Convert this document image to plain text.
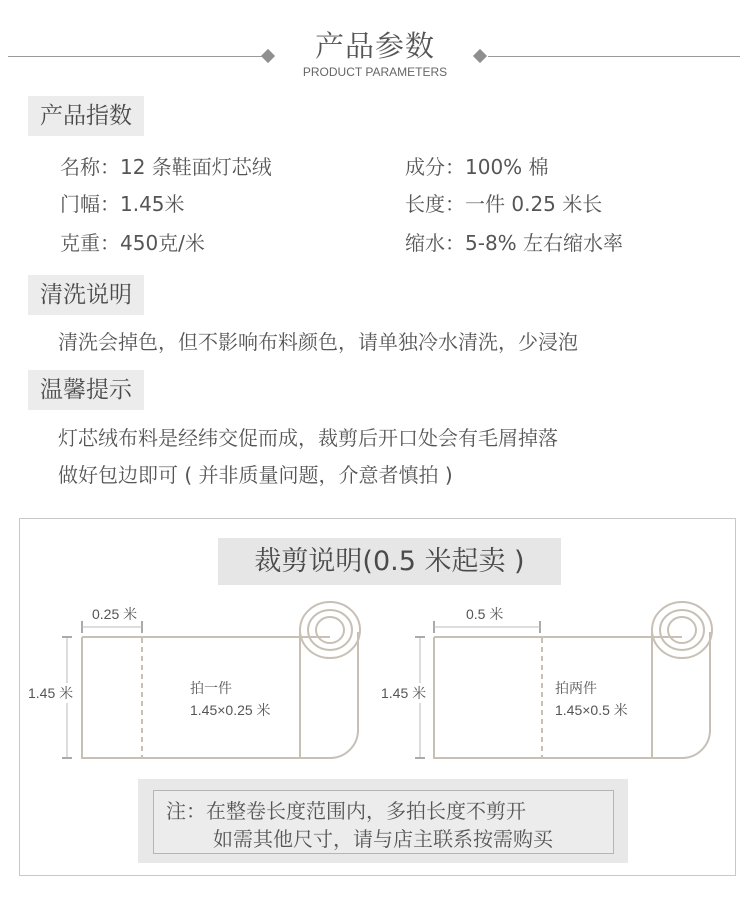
产品参数
PRODUCT PARAMETERS
产品指数
名称：12 条鞋面灯芯绒	成分：100% 棉
门幅：1.45米	长度：一件 0.25 米长
克重：450克/米	缩水：5-8% 左右缩水率
清洗说明
清洗会掉色，但不影响布料颜色，请单独冷水清洗，少浸泡
温馨提示
灯芯绒布料是经纬交促而成，裁剪后开口处会有毛屑掉落
做好包边即可 ( 并非质量问题，介意者慎拍 )
裁剪说明(0.5 米起卖 )
0.25 米
1.45 米	拍一件
1.45×0.25 米
0.5 米
1.45 米	拍两件
1.45×0.5 米
注：在整卷长度范围内，多拍长度不剪开
如需其他尺寸，请与店主联系按需购买
